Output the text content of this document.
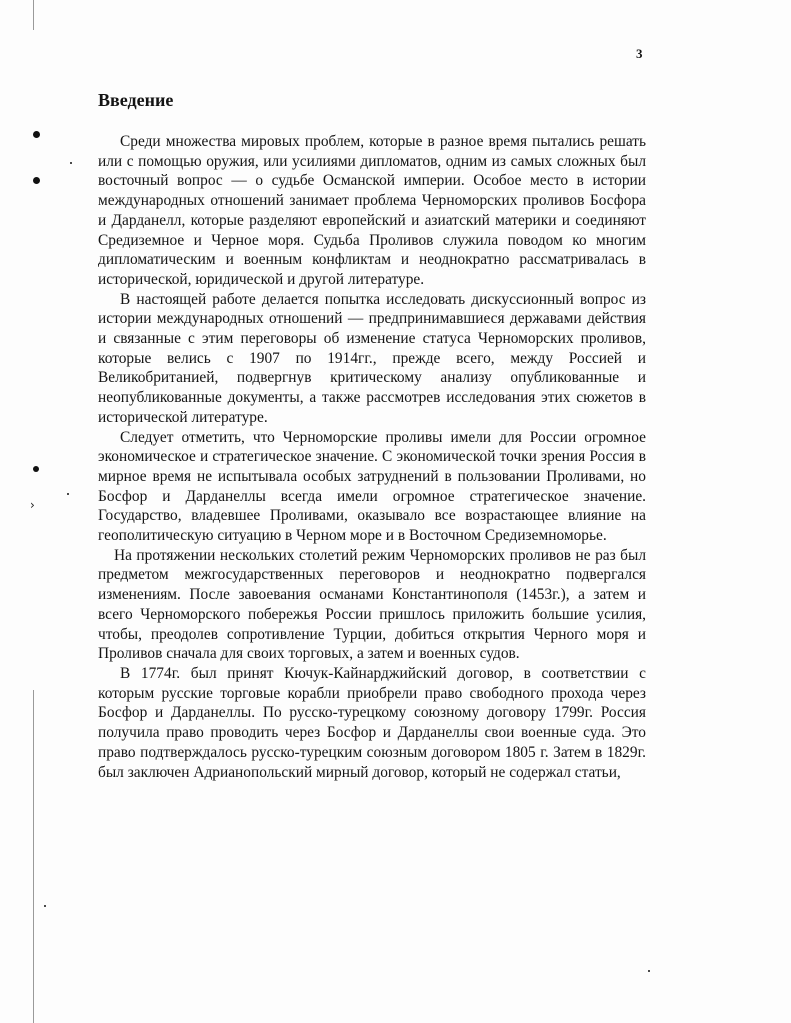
›
3
Введение

Среди множества мировых проблем, которые в разное время пытались решать или с помощью оружия, или усилиями дипломатов, одним из самых сложных был восточный вопрос — о судьбе Османской империи. Особое место в истории международных отношений занимает проблема Черноморских проливов Босфора и Дарданелл, которые разделяют европейский и азиатский материки и соединяют Средиземное и Черное моря. Судьба Проливов служила поводом ко многим дипломатическим и военным конфликтам и неоднократно рассматривалась в исторической, юридической и другой литературе.

В настоящей работе делается попытка исследовать дискуссионный вопрос из истории международных отношений — предпринимавшиеся державами действия и связанные с этим переговоры об изменение статуса Черноморских проливов, которые велись с 1907 по 1914гг., прежде всего, между Россией и Великобританией, подвергнув критическому анализу опубликованные и неопубликованные документы, а также рассмотрев исследования этих сюжетов в исторической литературе.

Следует отметить, что Черноморские проливы имели для России огромное экономическое и стратегическое значение. С экономической точки зрения Россия в мирное время не испытывала особых затруднений в пользовании Проливами, но Босфор и Дарданеллы всегда имели огромное стратегическое значение. Государство, владевшее Проливами, оказывало все возрастающее влияние на геополитическую ситуацию в Черном море и в Восточном Средиземноморье.

На протяжении нескольких столетий режим Черноморских проливов не раз был предметом межгосударственных переговоров и неоднократно подвергался изменениям. После завоевания османами Константинополя (1453г.), а затем и всего Черноморского побережья России пришлось приложить большие усилия, чтобы, преодолев сопротивление Турции, добиться открытия Черного моря и Проливов сначала для своих торговых, а затем и военных судов.

В 1774г. был принят Кючук-Кайнарджийский договор, в соответствии с которым русские торговые корабли приобрели право свободного прохода через Босфор и Дарданеллы. По русско-турецкому союзному договору 1799г. Россия получила право проводить через Босфор и Дарданеллы свои военные суда. Это право подтверждалось русско-турецким союзным договором 1805 г. Затем в 1829г. был заключен Адрианопольский мирный договор, который не содержал статьи,
